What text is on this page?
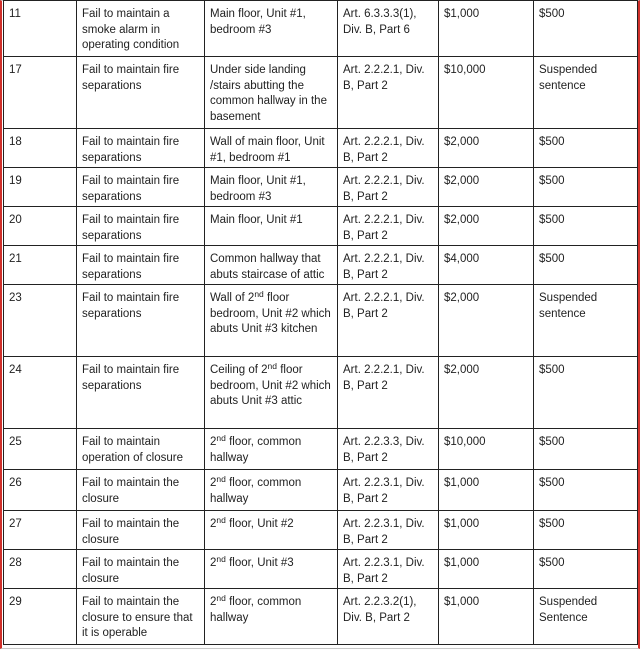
11	Fail to maintain a smoke alarm in operating condition	Main floor, Unit #1, bedroom #3	Art. 6.3.3.3(1), Div. B, Part 6	$1,000	$500
17	Fail to maintain fire separations	Under side landing /stairs abutting the common hallway in the basement	Art. 2.2.2.1, Div. B, Part 2	$10,000	Suspended sentence
18	Fail to maintain fire separations	Wall of main floor, Unit #1, bedroom #1	Art. 2.2.2.1, Div. B, Part 2	$2,000	$500
19	Fail to maintain fire separations	Main floor, Unit #1, bedroom #3	Art. 2.2.2.1, Div. B, Part 2	$2,000	$500
20	Fail to maintain fire separations	Main floor, Unit #1	Art. 2.2.2.1, Div. B, Part 2	$2,000	$500
21	Fail to maintain fire separations	Common hallway that abuts staircase of attic	Art. 2.2.2.1, Div. B, Part 2	$4,000	$500
23	Fail to maintain fire separations	Wall of 2nd floor bedroom, Unit #2 which abuts Unit #3 kitchen	Art. 2.2.2.1, Div. B, Part 2	$2,000	Suspended sentence
24	Fail to maintain fire separations	Ceiling of 2nd floor bedroom, Unit #2 which abuts Unit #3 attic	Art. 2.2.2.1, Div. B, Part 2	$2,000	$500
25	Fail to maintain operation of closure	2nd floor, common hallway	Art. 2.2.3.3, Div. B, Part 2	$10,000	$500
26	Fail to maintain the closure	2nd floor, common hallway	Art. 2.2.3.1, Div. B, Part 2	$1,000	$500
27	Fail to maintain the closure	2nd floor, Unit #2	Art. 2.2.3.1, Div. B, Part 2	$1,000	$500
28	Fail to maintain the closure	2nd floor, Unit #3	Art. 2.2.3.1, Div. B, Part 2	$1,000	$500
29	Fail to maintain the closure to ensure that it is operable	2nd floor, common hallway	Art. 2.2.3.2(1), Div. B, Part 2	$1,000	Suspended Sentence
